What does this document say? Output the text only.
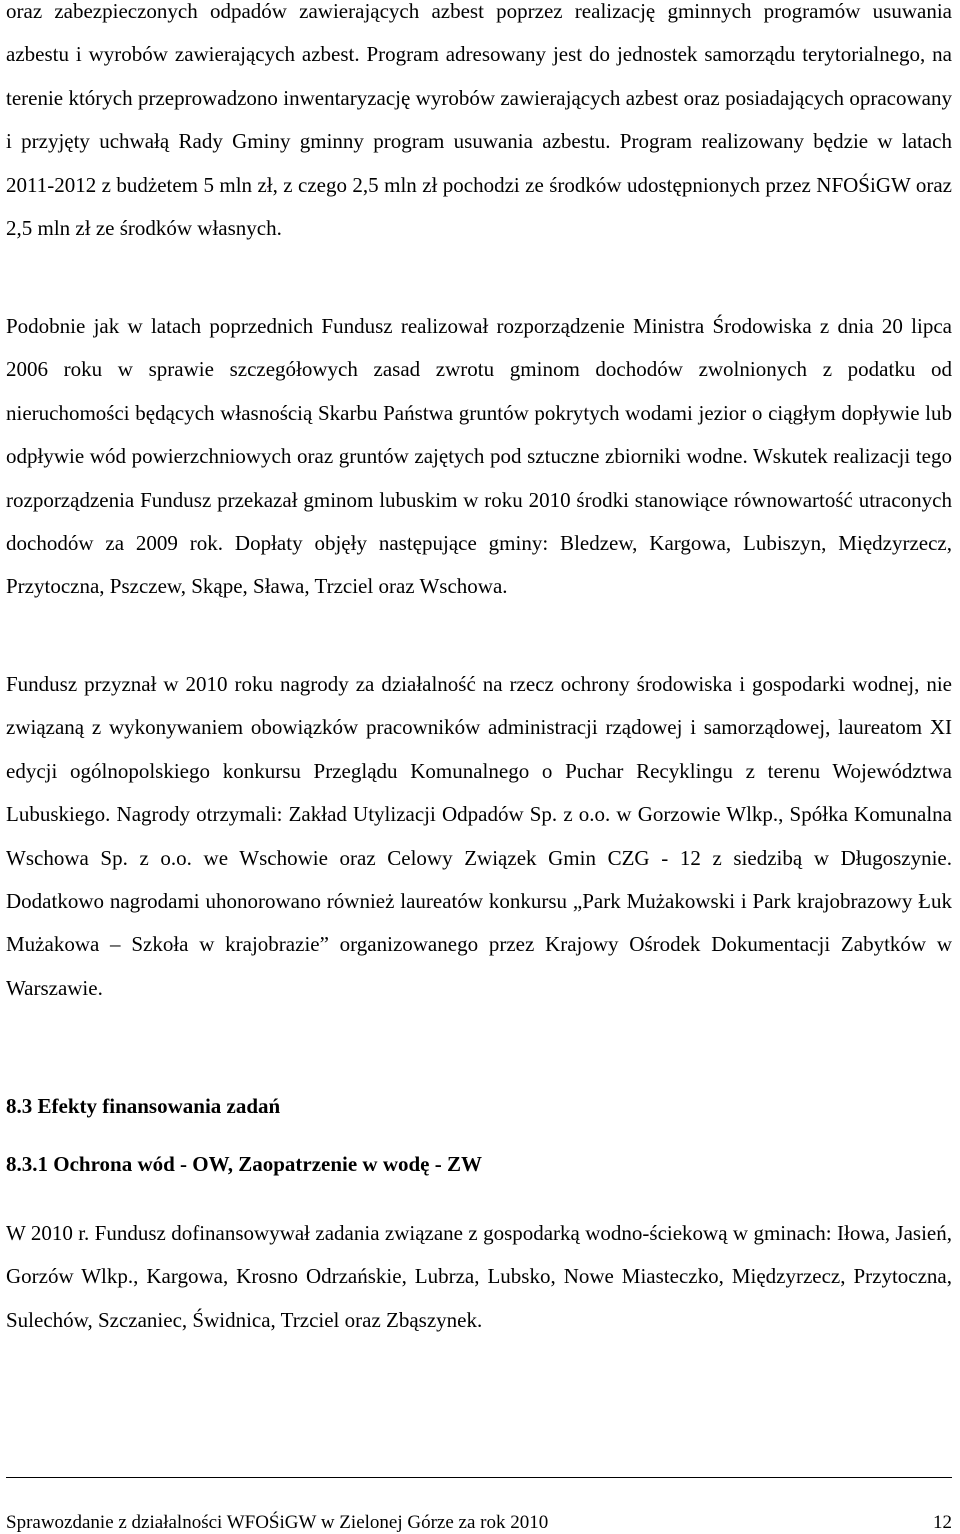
oraz zabezpieczonych odpadów zawierających azbest poprzez realizację gminnych programów usuwania azbestu i wyrobów zawierających azbest. Program adresowany jest do jednostek samorządu terytorialnego, na terenie których przeprowadzono inwentaryzację wyrobów zawierających azbest oraz posiadających opracowany i przyjęty uchwałą Rady Gminy gminny program usuwania azbestu. Program realizowany będzie w latach 2011-2012 z budżetem 5 mln zł, z czego 2,5 mln zł pochodzi ze środków udostępnionych przez NFOŚiGW oraz 2,5 mln zł ze środków własnych.

Podobnie jak w latach poprzednich Fundusz realizował rozporządzenie Ministra Środowiska z dnia 20 lipca 2006 roku w sprawie szczegółowych zasad zwrotu gminom dochodów zwolnionych z podatku od nieruchomości będących własnością Skarbu Państwa gruntów pokrytych wodami jezior o ciągłym dopływie lub odpływie wód powierzchniowych oraz gruntów zajętych pod sztuczne zbiorniki wodne. Wskutek realizacji tego rozporządzenia Fundusz przekazał gminom lubuskim w roku 2010 środki stanowiące równowartość utraconych dochodów za 2009 rok. Dopłaty objęły następujące gminy: Bledzew, Kargowa, Lubiszyn, Międzyrzecz, Przytoczna, Pszczew, Skąpe, Sława, Trzciel oraz Wschowa.

Fundusz przyznał w 2010 roku nagrody za działalność na rzecz ochrony środowiska i gospodarki wodnej, nie związaną z wykonywaniem obowiązków pracowników administracji rządowej i samorządowej, laureatom XI edycji ogólnopolskiego konkursu Przeglądu Komunalnego o Puchar Recyklingu z terenu Województwa Lubuskiego. Nagrody otrzymali: Zakład Utylizacji Odpadów Sp. z o.o. w Gorzowie Wlkp., Spółka Komunalna Wschowa Sp. z o.o. we Wschowie oraz Celowy Związek Gmin CZG - 12 z siedzibą w Długoszynie. Dodatkowo nagrodami uhonorowano również laureatów konkursu „Park Mużakowski i Park krajobrazowy Łuk Mużakowa – Szkoła w krajobrazie” organizowanego przez Krajowy Ośrodek Dokumentacji Zabytków w Warszawie.

8.3 Efekty finansowania zadań
8.3.1 Ochrona wód - OW, Zaopatrzenie w wodę - ZW

W 2010 r. Fundusz dofinansowywał zadania związane z gospodarką wodno-ściekową w gminach: Iłowa, Jasień, Gorzów Wlkp., Kargowa, Krosno Odrzańskie, Lubrza, Lubsko, Nowe Miasteczko, Międzyrzecz, Przytoczna, Sulechów, Szczaniec, Świdnica, Trzciel oraz Zbąszynek.

Sprawozdanie z działalności WFOŚiGW w Zielonej Górze za rok 2010	12
